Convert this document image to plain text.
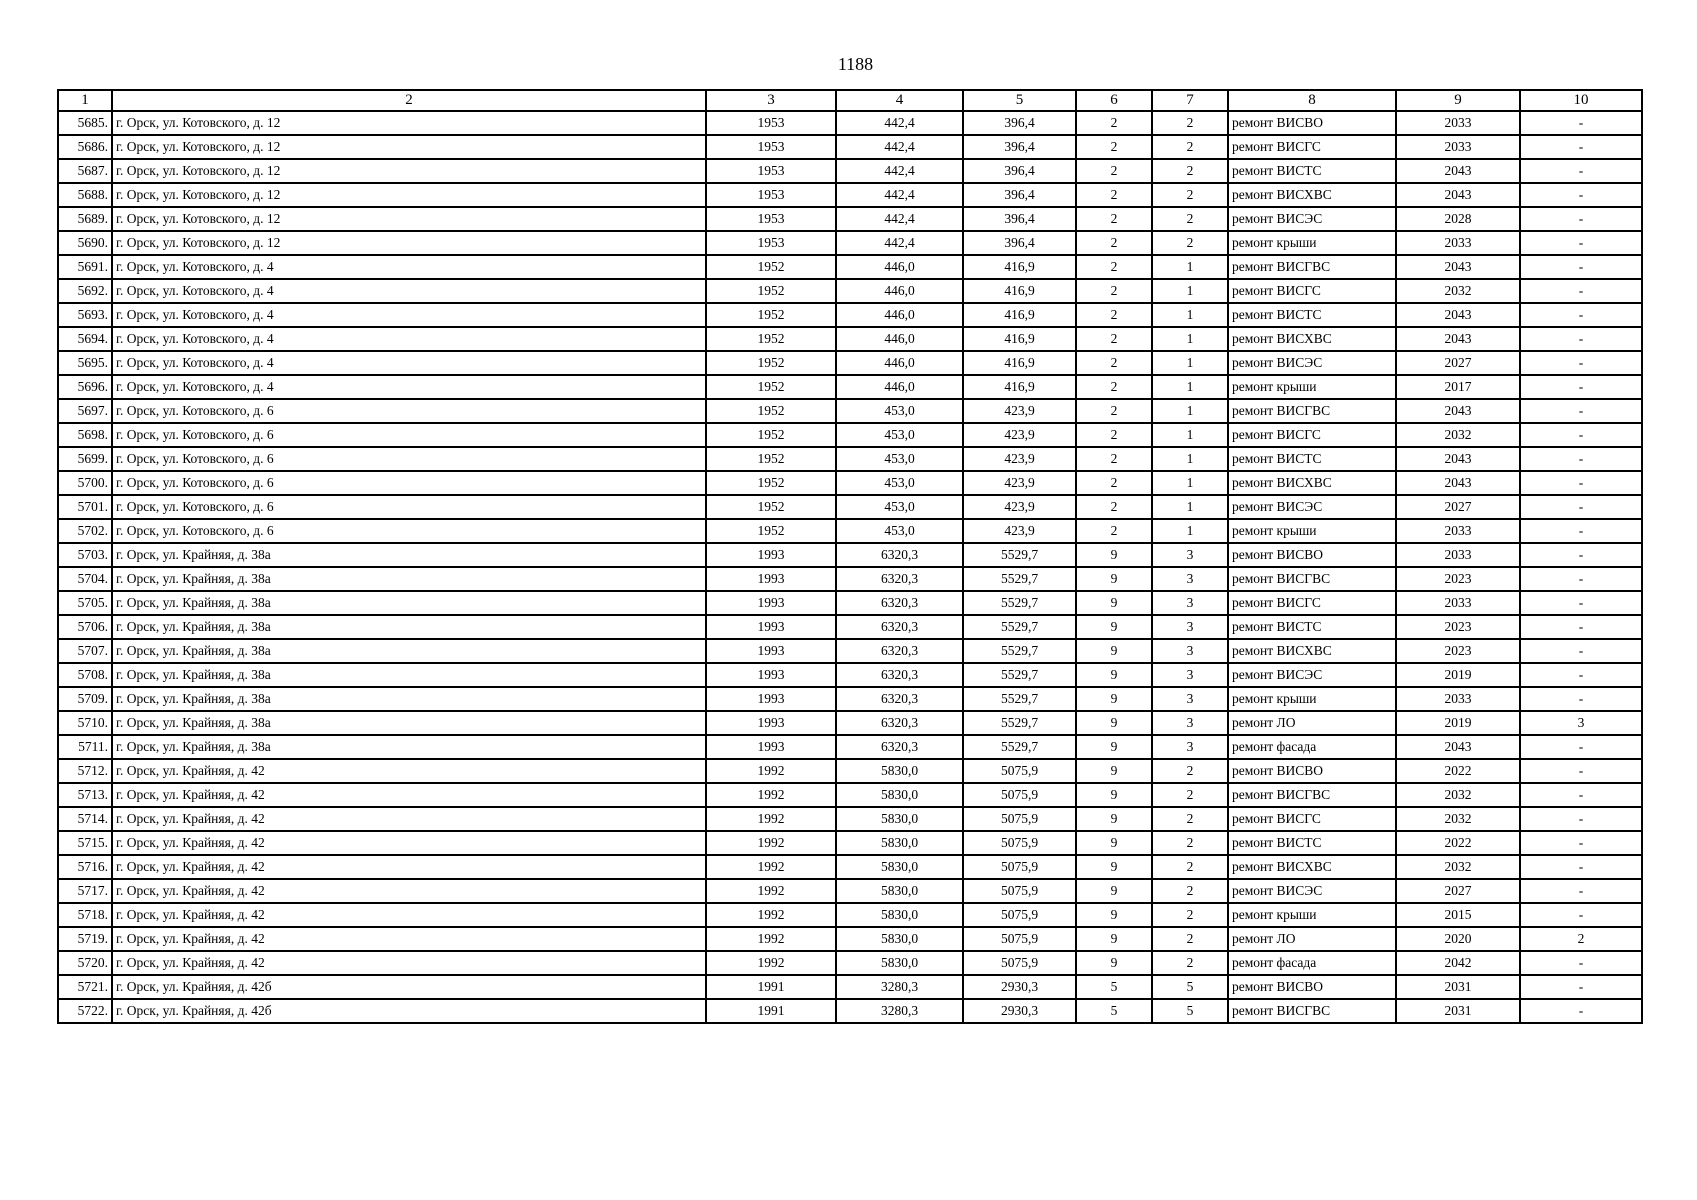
1188
1	2	3	4	5	6	7	8	9	10
5685.	г. Орск, ул. Котовского, д. 12	1953	442,4	396,4	2	2	ремонт ВИСВО	2033	-
5686.	г. Орск, ул. Котовского, д. 12	1953	442,4	396,4	2	2	ремонт ВИСГС	2033	-
5687.	г. Орск, ул. Котовского, д. 12	1953	442,4	396,4	2	2	ремонт ВИСТС	2043	-
5688.	г. Орск, ул. Котовского, д. 12	1953	442,4	396,4	2	2	ремонт ВИСХВС	2043	-
5689.	г. Орск, ул. Котовского, д. 12	1953	442,4	396,4	2	2	ремонт ВИСЭС	2028	-
5690.	г. Орск, ул. Котовского, д. 12	1953	442,4	396,4	2	2	ремонт крыши	2033	-
5691.	г. Орск, ул. Котовского, д. 4	1952	446,0	416,9	2	1	ремонт ВИСГВС	2043	-
5692.	г. Орск, ул. Котовского, д. 4	1952	446,0	416,9	2	1	ремонт ВИСГС	2032	-
5693.	г. Орск, ул. Котовского, д. 4	1952	446,0	416,9	2	1	ремонт ВИСТС	2043	-
5694.	г. Орск, ул. Котовского, д. 4	1952	446,0	416,9	2	1	ремонт ВИСХВС	2043	-
5695.	г. Орск, ул. Котовского, д. 4	1952	446,0	416,9	2	1	ремонт ВИСЭС	2027	-
5696.	г. Орск, ул. Котовского, д. 4	1952	446,0	416,9	2	1	ремонт крыши	2017	-
5697.	г. Орск, ул. Котовского, д. 6	1952	453,0	423,9	2	1	ремонт ВИСГВС	2043	-
5698.	г. Орск, ул. Котовского, д. 6	1952	453,0	423,9	2	1	ремонт ВИСГС	2032	-
5699.	г. Орск, ул. Котовского, д. 6	1952	453,0	423,9	2	1	ремонт ВИСТС	2043	-
5700.	г. Орск, ул. Котовского, д. 6	1952	453,0	423,9	2	1	ремонт ВИСХВС	2043	-
5701.	г. Орск, ул. Котовского, д. 6	1952	453,0	423,9	2	1	ремонт ВИСЭС	2027	-
5702.	г. Орск, ул. Котовского, д. 6	1952	453,0	423,9	2	1	ремонт крыши	2033	-
5703.	г. Орск, ул. Крайняя, д. 38а	1993	6320,3	5529,7	9	3	ремонт ВИСВО	2033	-
5704.	г. Орск, ул. Крайняя, д. 38а	1993	6320,3	5529,7	9	3	ремонт ВИСГВС	2023	-
5705.	г. Орск, ул. Крайняя, д. 38а	1993	6320,3	5529,7	9	3	ремонт ВИСГС	2033	-
5706.	г. Орск, ул. Крайняя, д. 38а	1993	6320,3	5529,7	9	3	ремонт ВИСТС	2023	-
5707.	г. Орск, ул. Крайняя, д. 38а	1993	6320,3	5529,7	9	3	ремонт ВИСХВС	2023	-
5708.	г. Орск, ул. Крайняя, д. 38а	1993	6320,3	5529,7	9	3	ремонт ВИСЭС	2019	-
5709.	г. Орск, ул. Крайняя, д. 38а	1993	6320,3	5529,7	9	3	ремонт крыши	2033	-
5710.	г. Орск, ул. Крайняя, д. 38а	1993	6320,3	5529,7	9	3	ремонт ЛО	2019	3
5711.	г. Орск, ул. Крайняя, д. 38а	1993	6320,3	5529,7	9	3	ремонт фасада	2043	-
5712.	г. Орск, ул. Крайняя, д. 42	1992	5830,0	5075,9	9	2	ремонт ВИСВО	2022	-
5713.	г. Орск, ул. Крайняя, д. 42	1992	5830,0	5075,9	9	2	ремонт ВИСГВС	2032	-
5714.	г. Орск, ул. Крайняя, д. 42	1992	5830,0	5075,9	9	2	ремонт ВИСГС	2032	-
5715.	г. Орск, ул. Крайняя, д. 42	1992	5830,0	5075,9	9	2	ремонт ВИСТС	2022	-
5716.	г. Орск, ул. Крайняя, д. 42	1992	5830,0	5075,9	9	2	ремонт ВИСХВС	2032	-
5717.	г. Орск, ул. Крайняя, д. 42	1992	5830,0	5075,9	9	2	ремонт ВИСЭС	2027	-
5718.	г. Орск, ул. Крайняя, д. 42	1992	5830,0	5075,9	9	2	ремонт крыши	2015	-
5719.	г. Орск, ул. Крайняя, д. 42	1992	5830,0	5075,9	9	2	ремонт ЛО	2020	2
5720.	г. Орск, ул. Крайняя, д. 42	1992	5830,0	5075,9	9	2	ремонт фасада	2042	-
5721.	г. Орск, ул. Крайняя, д. 42б	1991	3280,3	2930,3	5	5	ремонт ВИСВО	2031	-
5722.	г. Орск, ул. Крайняя, д. 42б	1991	3280,3	2930,3	5	5	ремонт ВИСГВС	2031	-
